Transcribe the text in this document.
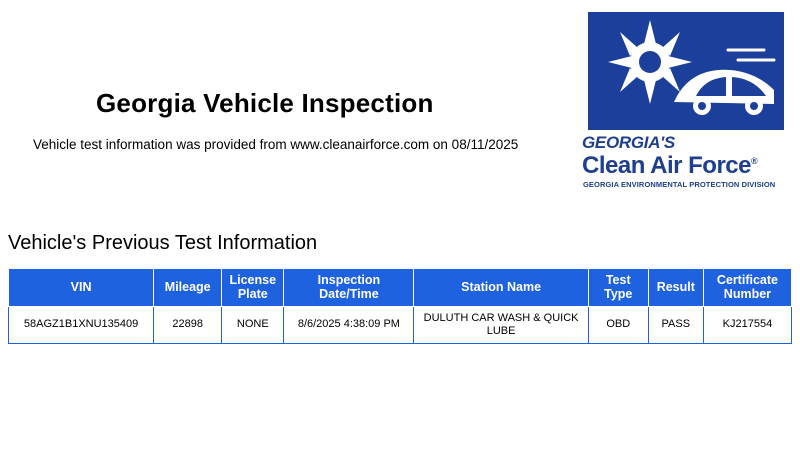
Georgia Vehicle Inspection
Vehicle test information was provided from www.cleanairforce.com on 08/11/2025	GEORGIA'S
Clean Air Force®
GEORGIA ENVIRONMENTAL PROTECTION DIVISION
Vehicle's Previous Test Information
VIN	Mileage	License Plate	Inspection Date/Time	Station Name	Test Type	Result	Certificate Number
58AGZ1B1XNU135409	22898	NONE	8/6/2025 4:38:09 PM	DULUTH CAR WASH & QUICK LUBE	OBD	PASS	KJ217554
